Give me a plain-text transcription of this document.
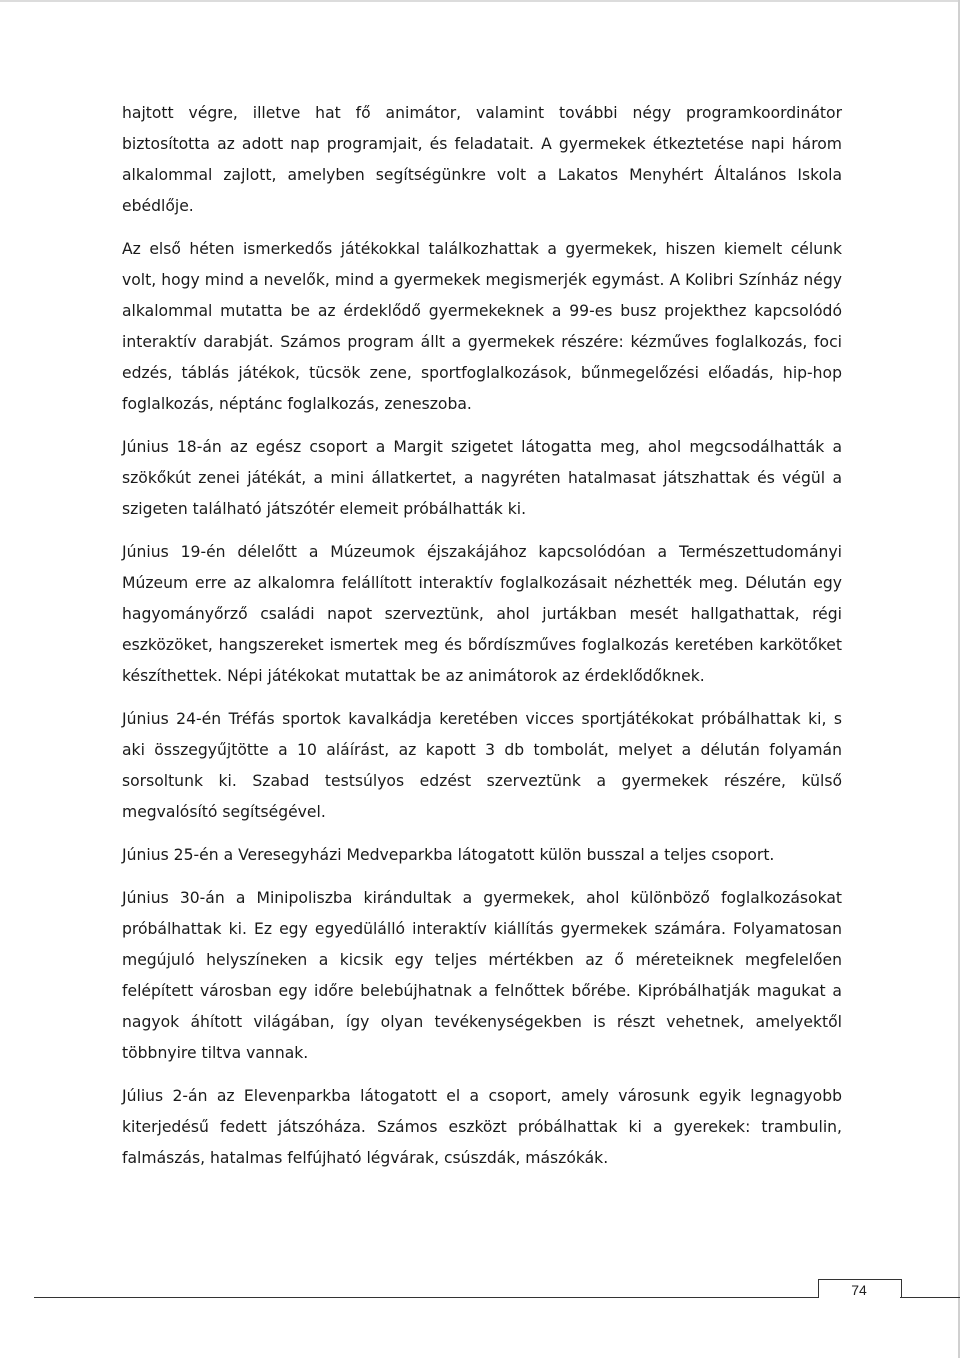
hajtott végre, illetve hat fő animátor, valamint további négy programkoordinátor biztosította az adott nap programjait, és feladatait. A gyermekek étkeztetése napi három alkalommal zajlott, amelyben segítségünkre volt a Lakatos Menyhért Általános Iskola ebédlője.

Az első héten ismerkedős játékokkal találkozhattak a gyermekek, hiszen kiemelt célunk volt, hogy mind a nevelők, mind a gyermekek megismerjék egymást. A Kolibri Színház négy alkalommal mutatta be az érdeklődő gyermekeknek a 99-es busz projekthez kapcsolódó interaktív darabját. Számos program állt a gyermekek részére: kézműves foglalkozás, foci edzés, táblás játékok, tücsök zene, sportfoglalkozások, bűnmegelőzési előadás, hip-hop foglalkozás, néptánc foglalkozás, zeneszoba.

Június 18-án az egész csoport a Margit szigetet látogatta meg, ahol megcsodálhatták a szökőkút zenei játékát, a mini állatkertet, a nagyréten hatalmasat játszhattak és végül a szigeten található játszótér elemeit próbálhatták ki.

Június 19-én délelőtt a Múzeumok éjszakájához kapcsolódóan a Természettudományi Múzeum erre az alkalomra felállított interaktív foglalkozásait nézhették meg. Délután egy hagyományőrző családi napot szerveztünk, ahol jurtákban mesét hallgathattak, régi eszközöket, hangszereket ismertek meg és bőrdíszműves foglalkozás keretében karkötőket készíthettek. Népi játékokat mutattak be az animátorok az érdeklődőknek.

Június 24-én Tréfás sportok kavalkádja keretében vicces sportjátékokat próbálhattak ki, s aki összegyűjtötte a 10 aláírást, az kapott 3 db tombolát, melyet a délután folyamán sorsoltunk ki. Szabad testsúlyos edzést szerveztünk a gyermekek részére, külső megvalósító segítségével.

Június 25-én a Veresegyházi Medveparkba látogatott külön busszal a teljes csoport.

Június 30-án a Minipoliszba kirándultak a gyermekek, ahol különböző foglalkozásokat próbálhattak ki. Ez egy egyedülálló interaktív kiállítás gyermekek számára. Folyamatosan megújuló helyszíneken a kicsik egy teljes mértékben az ő méreteiknek megfelelően felépített városban egy időre belebújhatnak a felnőttek bőrébe. Kipróbálhatják magukat a nagyok áhított világában, így olyan tevékenységekben is részt vehetnek, amelyektől többnyire tiltva vannak.

Július 2-án az Elevenparkba látogatott el a csoport, amely városunk egyik legnagyobb kiterjedésű fedett játszóháza. Számos eszközt próbálhattak ki a gyerekek: trambulin, falmászás, hatalmas felfújható légvárak, csúszdák, mászókák.

74
